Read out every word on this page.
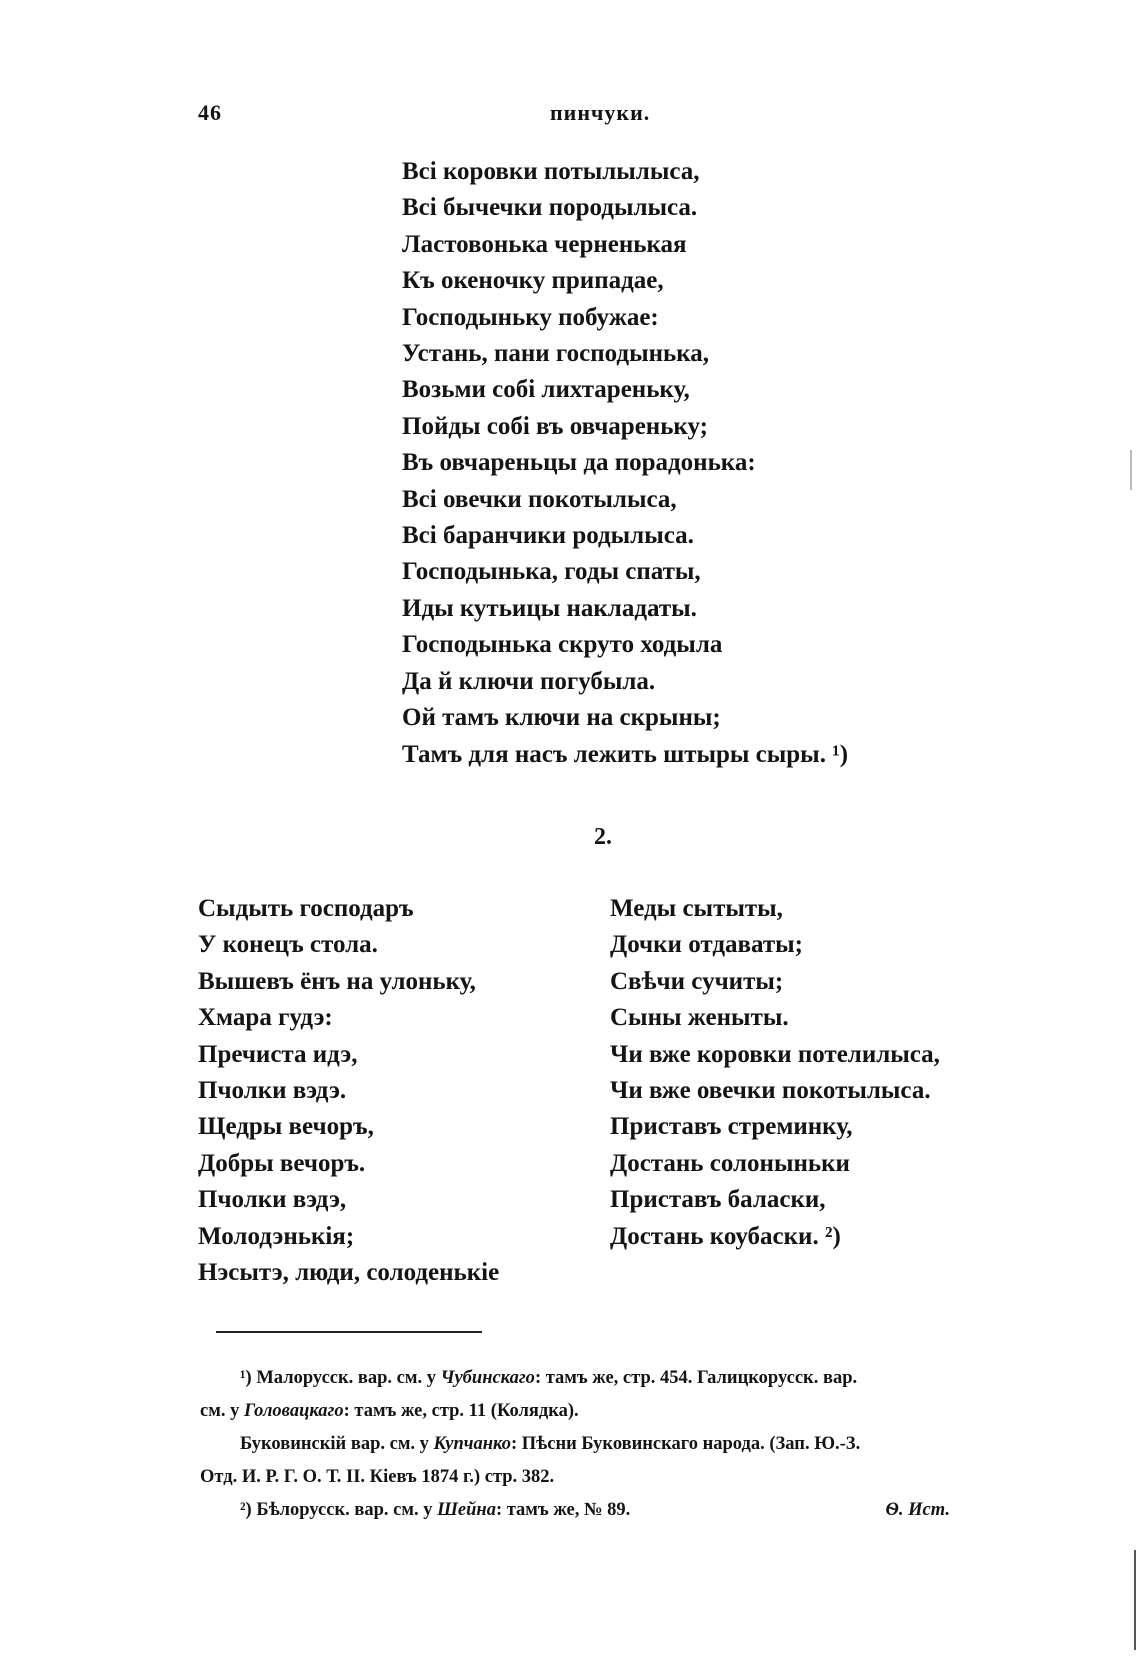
46	пинчуки.
Всі коровки потылылыса,
Всі бычечки породылыса.
Ластовонька черненькая
Къ океночку припадае,
Господыньку побужае:
Устань, пани господынька,
Возьми собі лихтареньку,
Пойды собі въ овчареньку;
Въ овчареньцы да порадонька:
Всі овечки покотылыса,
Всі баранчики родылыса.
Господынька, годы спаты,
Иды кутьицы накладаты.
Господынька скруто ходыла
Да й ключи погубыла.
Ой тамъ ключи на скрыны;
Тамъ для насъ лежить штыры сыры. ¹)
2.
Сыдыть господаръ
У конецъ стола.
Вышевъ ёнъ на улоньку,
Хмара гудэ:
Пречиста идэ,
Пчолки вэдэ.
Щедры вечоръ,
Добры вечоръ.
Пчолки вэдэ,
Молодэнькія;
Нэсытэ, люди, солоденькіе
Меды сытыты,
Дочки отдаваты;
Свѣчи сучиты;
Сыны женыты.
Чи вже коровки потелилыса,
Чи вже овечки покотылыса.
Приставъ стреминку,
Достань солоныньки
Приставъ баласки,
Достань коубаски. ²)

¹) Малорусск. вар. см. у Чубинскаго: тамъ же, стр. 454. Галицкорусск. вар.

см. у Головацкаго: тамъ же, стр. 11 (Колядка).

Буковинскій вар. см. у Купчанко: Пѣсни Буковинскаго народа. (Зап. Ю.-З.

Отд. И. Р. Г. О. Т. II. Кіевъ 1874 г.) стр. 382.

²) Бѣлорусск. вар. см. у Шейна: тамъ же, № 89.	Ѳ. Ист.
